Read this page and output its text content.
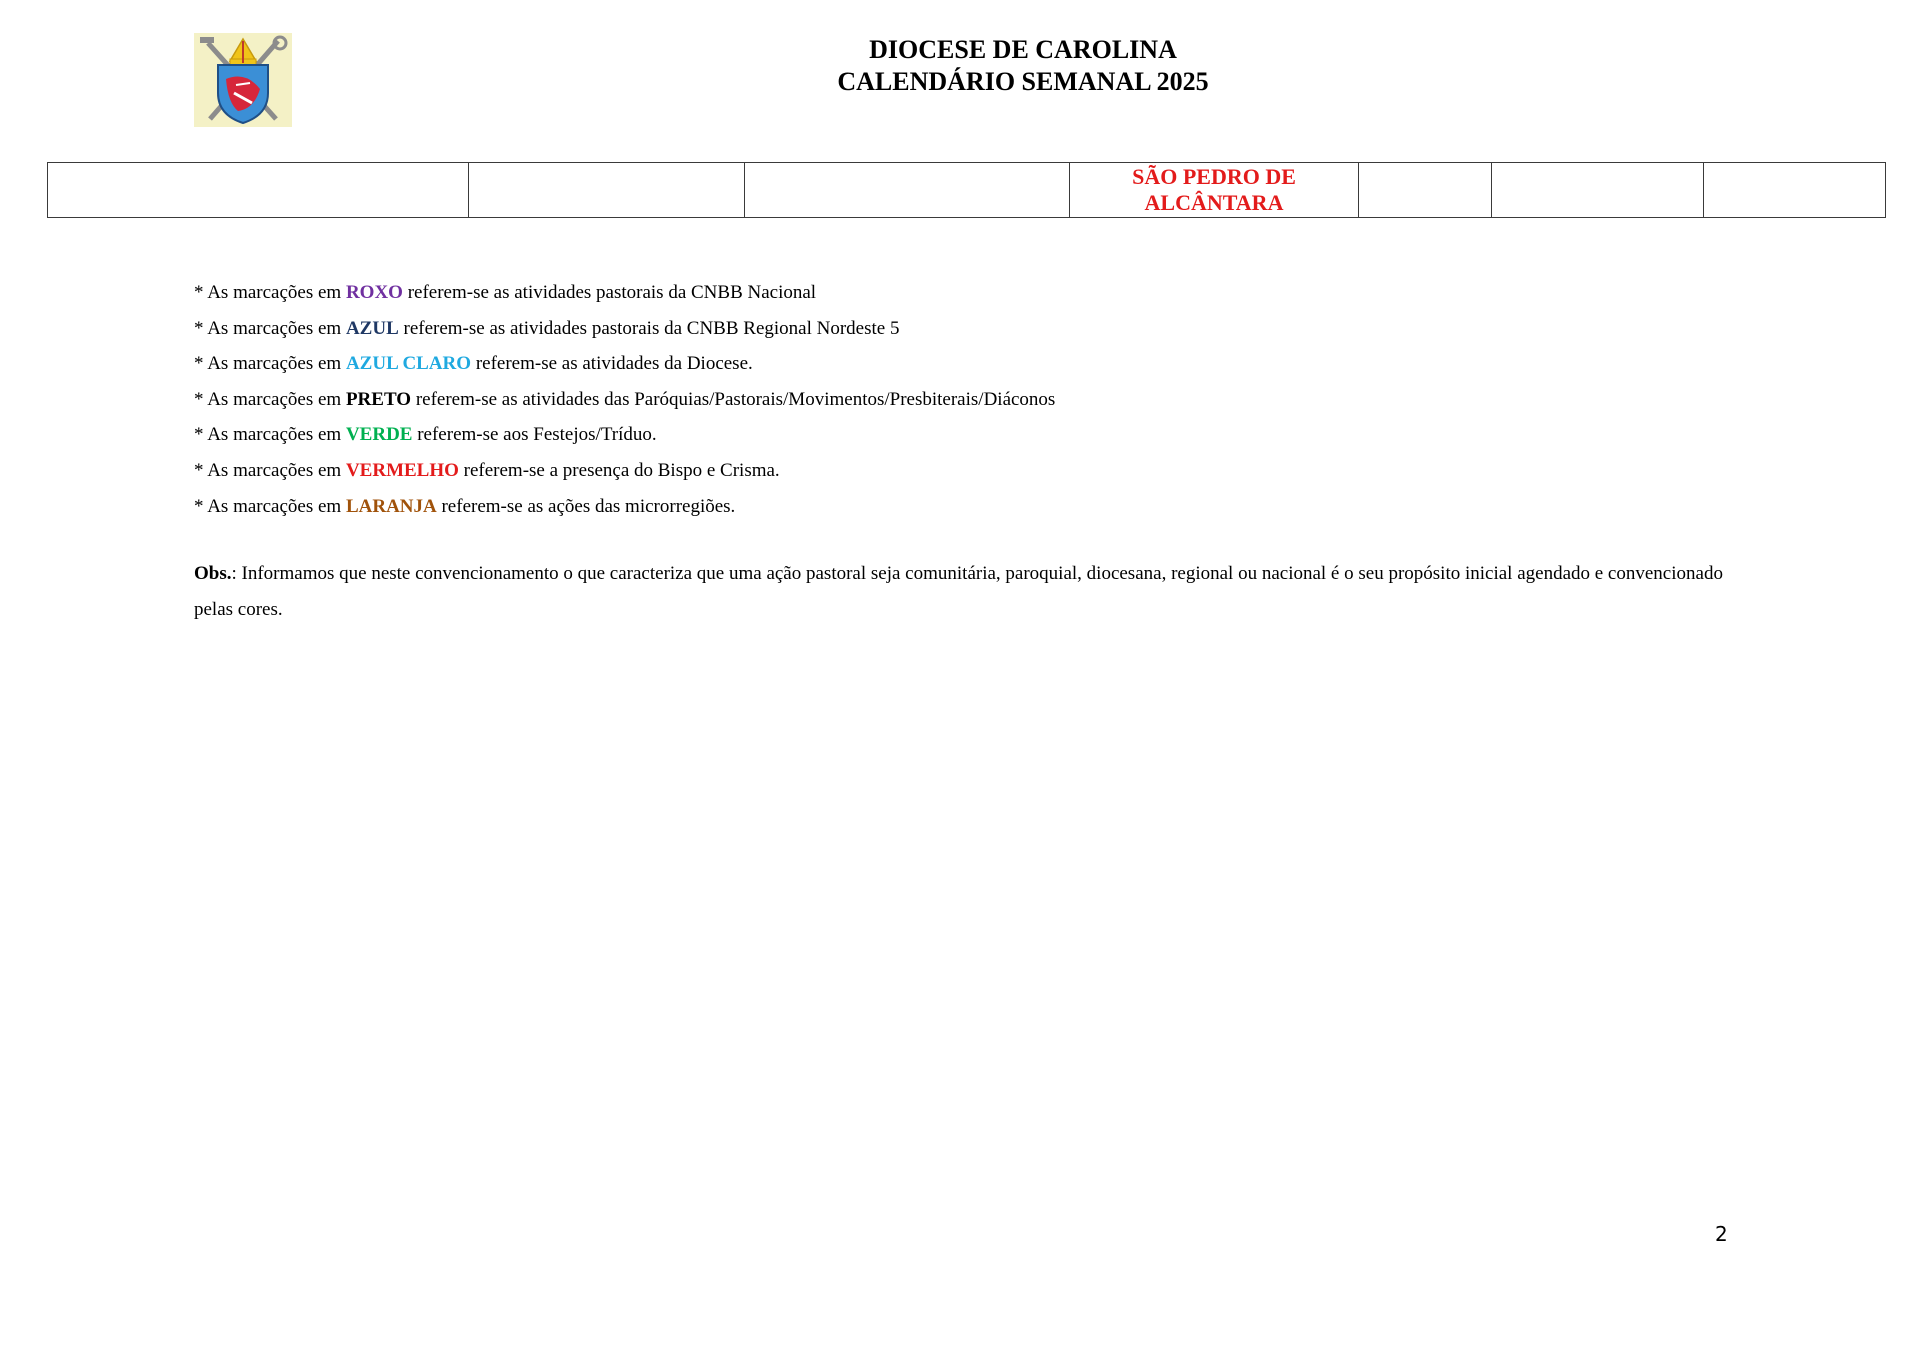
DIOCESE DE CAROLINA
CALENDÁRIO SEMANAL 2025
			SÃO PEDRO DE ALCÂNTARA			
* As marcações em ROXO referem-se as atividades pastorais da CNBB Nacional
* As marcações em AZUL referem-se as atividades pastorais da CNBB Regional Nordeste 5
* As marcações em AZUL CLARO referem-se as atividades da Diocese.
* As marcações em PRETO referem-se as atividades das Paróquias/Pastorais/Movimentos/Presbiterais/Diáconos
* As marcações em VERDE referem-se aos Festejos/Tríduo.
* As marcações em VERMELHO referem-se a presença do Bispo e Crisma.
* As marcações em LARANJA referem-se as ações das microrregiões.
Obs.: Informamos que neste convencionamento o que caracteriza que uma ação pastoral seja comunitária, paroquial, diocesana, regional ou nacional é o seu propósito inicial agendado e convencionado pelas cores.
2
